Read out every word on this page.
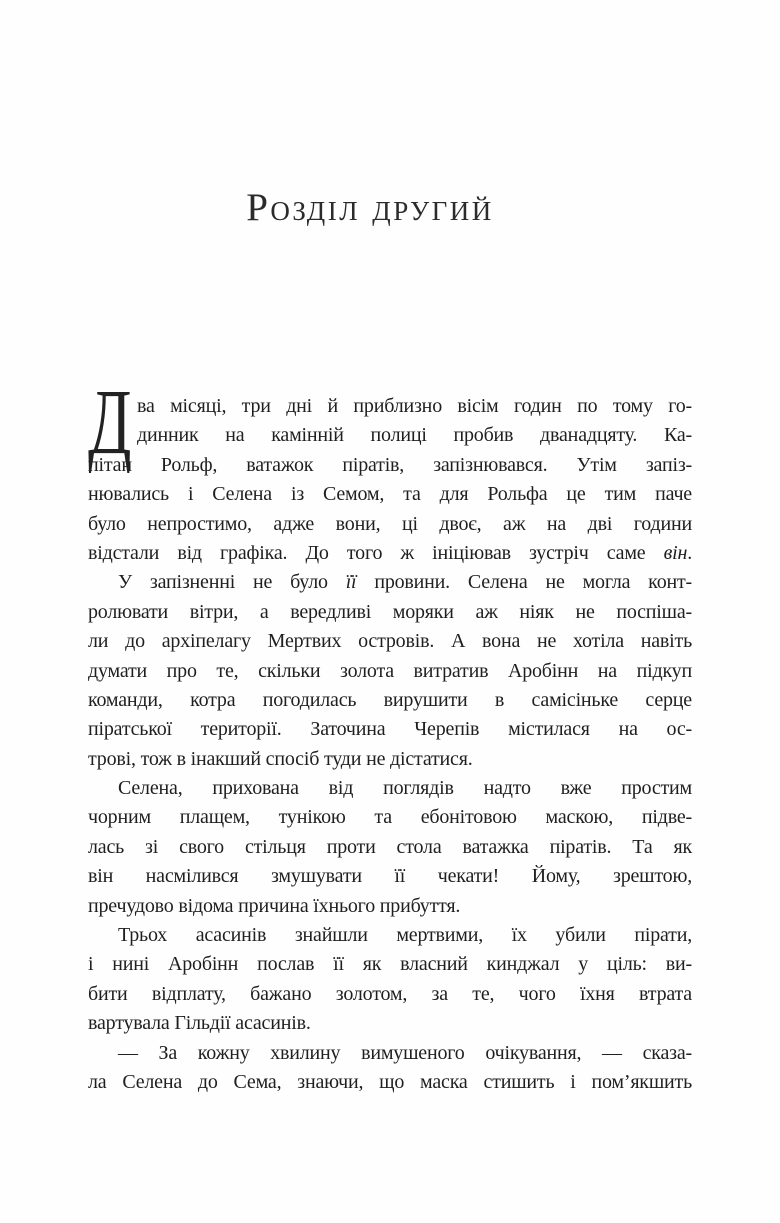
Розділ другий
Д ва місяці, три дні й приблизно вісім годин по тому го-
динник на камінній полиці пробив дванадцяту. Ка-
пітан Рольф, ватажок піратів, запізнювався. Утім запіз-
нювались і Селена із Семом, та для Рольфа це тим паче
було непростимо, адже вони, ці двоє, аж на дві години
відстали від графіка. До того ж ініціював зустріч саме він.
У запізненні не було її провини. Селена не могла конт-
ролювати вітри, а вередливі моряки аж ніяк не поспіша-
ли до архіпелагу Мертвих островів. А вона не хотіла навіть
думати про те, скільки золота витратив Аробінн на підкуп
команди, котра погодилась вирушити в самісіньке серце
піратської території. Заточина Черепів містилася на ос-
трові, тож в інакший спосіб туди не дістатися.
Селена, прихована від поглядів надто вже простим
чорним плащем, тунікою та ебонітовою маскою, підве-
лась зі свого стільця проти стола ватажка піратів. Та як
він насмілився змушувати її чекати! Йому, зрештою,
пречудово відома причина їхнього прибуття.
Трьох асасинів знайшли мертвими, їх убили пірати,
і нині Аробінн послав її як власний кинджал у ціль: ви-
бити відплату, бажано золотом, за те, чого їхня втрата
вартувала Гільдії асасинів.
— За кожну хвилину вимушеного очікування, — сказа-
ла Селена до Сема, знаючи, що маска стишить і пом’якшить
